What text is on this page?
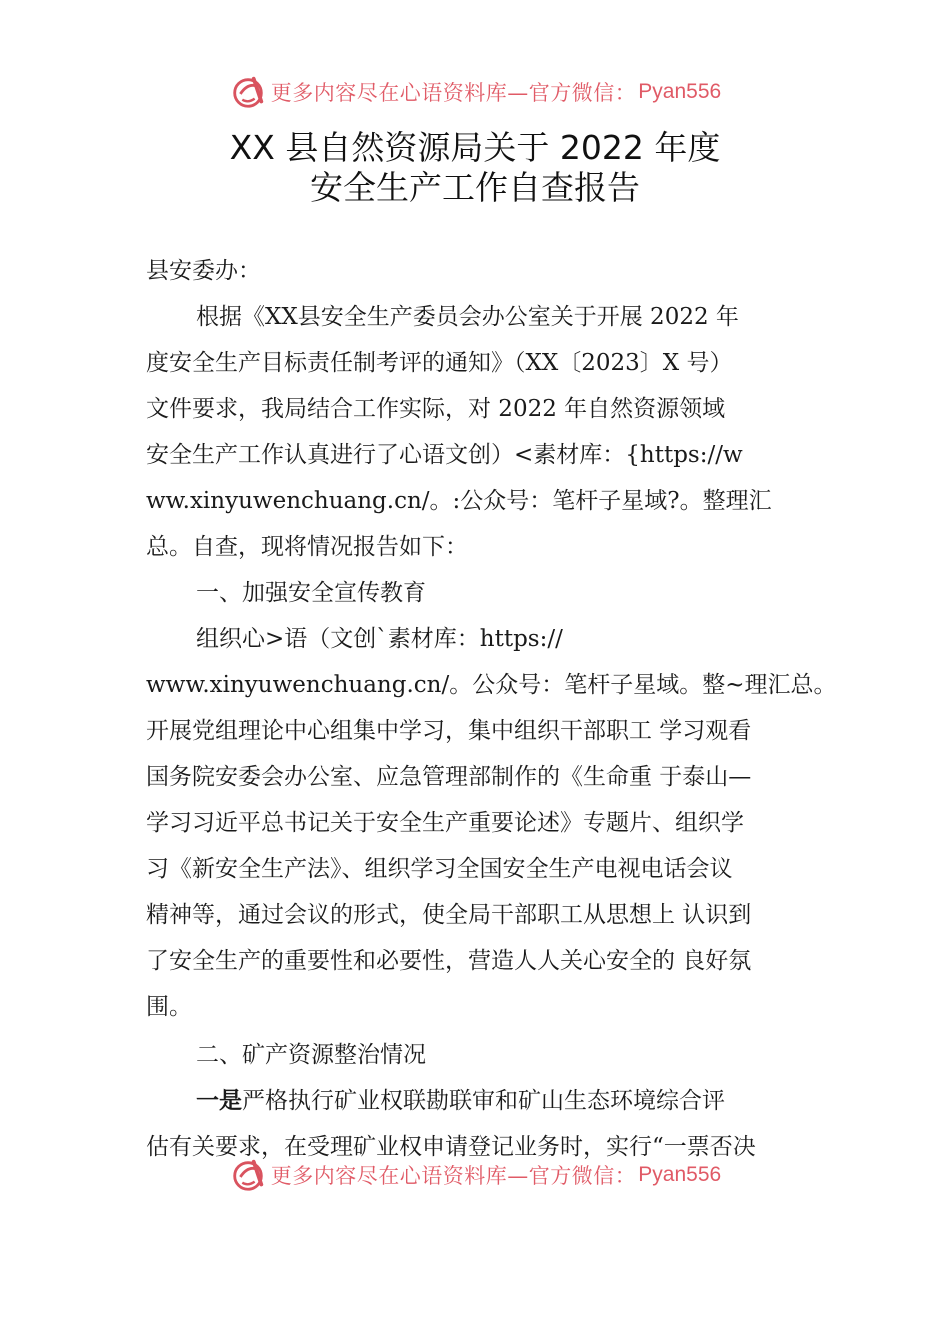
更多内容尽在心语资料库—官方微信： Pyan556
XX 县自然资源局关于 2022 年度
安全生产工作自查报告

县安委办：

根据《XX县安全生产委员会办公室关于开展 2022 年

度安全生产目标责任制考评的通知》（XX〔2023〕X 号）

文件要求，我局结合工作实际，对 2022 年自然资源领域

安全生产工作认真进行了心语文创）<素材库：{https://w

ww.xinyuwenchuang.cn/。:公众号：笔杆子星域?。整理汇

总。自查，现将情况报告如下：

一、加强安全宣传教育

组织心>语（文创`素材库：https://

www.xinyuwenchuang.cn/。公众号：笔杆子星域。整~理汇总。

开展党组理论中心组集中学习，集中组织干部职工 学习观看

国务院安委会办公室、应急管理部制作的《生命重 于泰山—

学习习近平总书记关于安全生产重要论述》专题片、组织学

习《新安全生产法》、组织学习全国安全生产电视电话会议

精神等，通过会议的形式，使全局干部职工从思想上 认识到

了安全生产的重要性和必要性，营造人人关心安全的 良好氛

围。

二、矿产资源整治情况

一是严格执行矿业权联勘联审和矿山生态环境综合评

估有关要求，在受理矿业权申请登记业务时，实行“一票否决

更多内容尽在心语资料库—官方微信： Pyan556
